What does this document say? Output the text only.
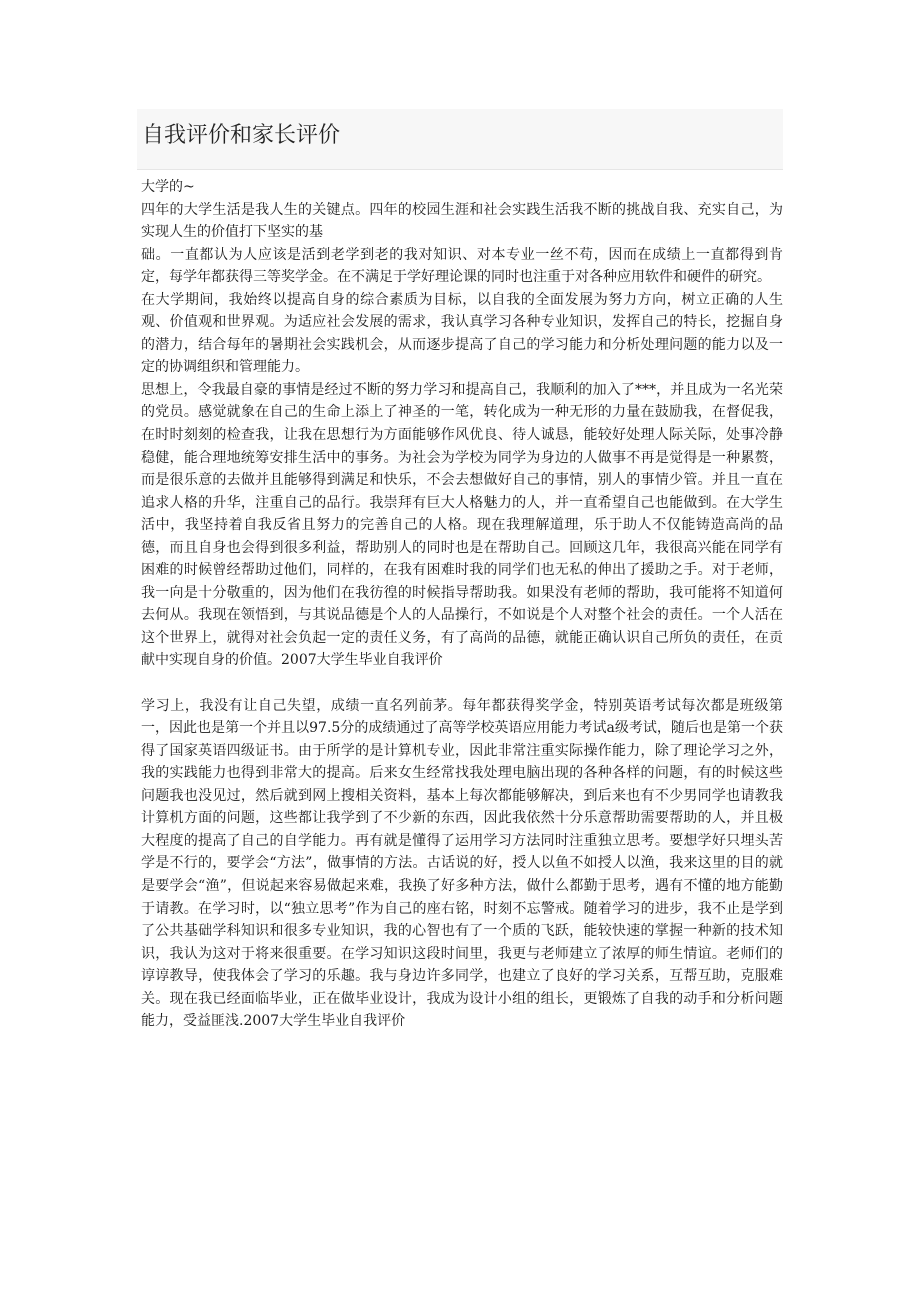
自我评价和家长评价

大学的~

四年的大学生活是我人生的关键点。四年的校园生涯和社会实践生活我不断的挑战自我、充实自己，为实现人生的价值打下坚实的基

础。一直都认为人应该是活到老学到老的我对知识、对本专业一丝不苟，因而在成绩上一直都得到肯定，每学年都获得三等奖学金。在不满足于学好理论课的同时也注重于对各种应用软件和硬件的研究。

在大学期间，我始终以提高自身的综合素质为目标，以自我的全面发展为努力方向，树立正确的人生观、价值观和世界观。为适应社会发展的需求，我认真学习各种专业知识，发挥自己的特长，挖掘自身的潜力，结合每年的暑期社会实践机会，从而逐步提高了自己的学习能力和分析处理问题的能力以及一定的协调组织和管理能力。

思想上，令我最自豪的事情是经过不断的努力学习和提高自己，我顺利的加入了***，并且成为一名光荣的党员。感觉就象在自己的生命上添上了神圣的一笔，转化成为一种无形的力量在鼓励我，在督促我，在时时刻刻的检查我，让我在思想行为方面能够作风优良、待人诚恳，能较好处理人际关际，处事冷静稳健，能合理地统筹安排生活中的事务。为社会为学校为同学为身边的人做事不再是觉得是一种累赘，而是很乐意的去做并且能够得到满足和快乐，不会去想做好自己的事情，别人的事情少管。并且一直在追求人格的升华，注重自己的品行。我崇拜有巨大人格魅力的人，并一直希望自己也能做到。在大学生活中，我坚持着自我反省且努力的完善自己的人格。现在我理解道理，乐于助人不仅能铸造高尚的品德，而且自身也会得到很多利益，帮助别人的同时也是在帮助自己。回顾这几年，我很高兴能在同学有困难的时候曾经帮助过他们，同样的，在我有困难时我的同学们也无私的伸出了援助之手。对于老师，我一向是十分敬重的，因为他们在我彷徨的时候指导帮助我。如果没有老师的帮助，我可能将不知道何去何从。我现在领悟到，与其说品德是个人的人品操行，不如说是个人对整个社会的责任。一个人活在这个世界上，就得对社会负起一定的责任义务，有了高尚的品德，就能正确认识自己所负的责任，在贡献中实现自身的价值。2007大学生毕业自我评价

学习上，我没有让自己失望，成绩一直名列前茅。每年都获得奖学金，特别英语考试每次都是班级第一，因此也是第一个并且以97.5分的成绩通过了高等学校英语应用能力考试a级考试，随后也是第一个获得了国家英语四级证书。由于所学的是计算机专业，因此非常注重实际操作能力，除了理论学习之外，我的实践能力也得到非常大的提高。后来女生经常找我处理电脑出现的各种各样的问题，有的时候这些问题我也没见过，然后就到网上搜相关资料，基本上每次都能够解决，到后来也有不少男同学也请教我计算机方面的问题，这些都让我学到了不少新的东西，因此我依然十分乐意帮助需要帮助的人，并且极大程度的提高了自己的自学能力。再有就是懂得了运用学习方法同时注重独立思考。要想学好只埋头苦学是不行的，要学会“方法”，做事情的方法。古话说的好，授人以鱼不如授人以渔，我来这里的目的就是要学会“渔”，但说起来容易做起来难，我换了好多种方法，做什么都勤于思考，遇有不懂的地方能勤于请教。在学习时，以“独立思考”作为自己的座右铭，时刻不忘警戒。随着学习的进步，我不止是学到了公共基础学科知识和很多专业知识，我的心智也有了一个质的飞跃，能较快速的掌握一种新的技术知识，我认为这对于将来很重要。在学习知识这段时间里，我更与老师建立了浓厚的师生情谊。老师们的谆谆教导，使我体会了学习的乐趣。我与身边许多同学，也建立了良好的学习关系，互帮互助，克服难关。现在我已经面临毕业，正在做毕业设计，我成为设计小组的组长，更锻炼了自我的动手和分析问题能力，受益匪浅.2007大学生毕业自我评价
